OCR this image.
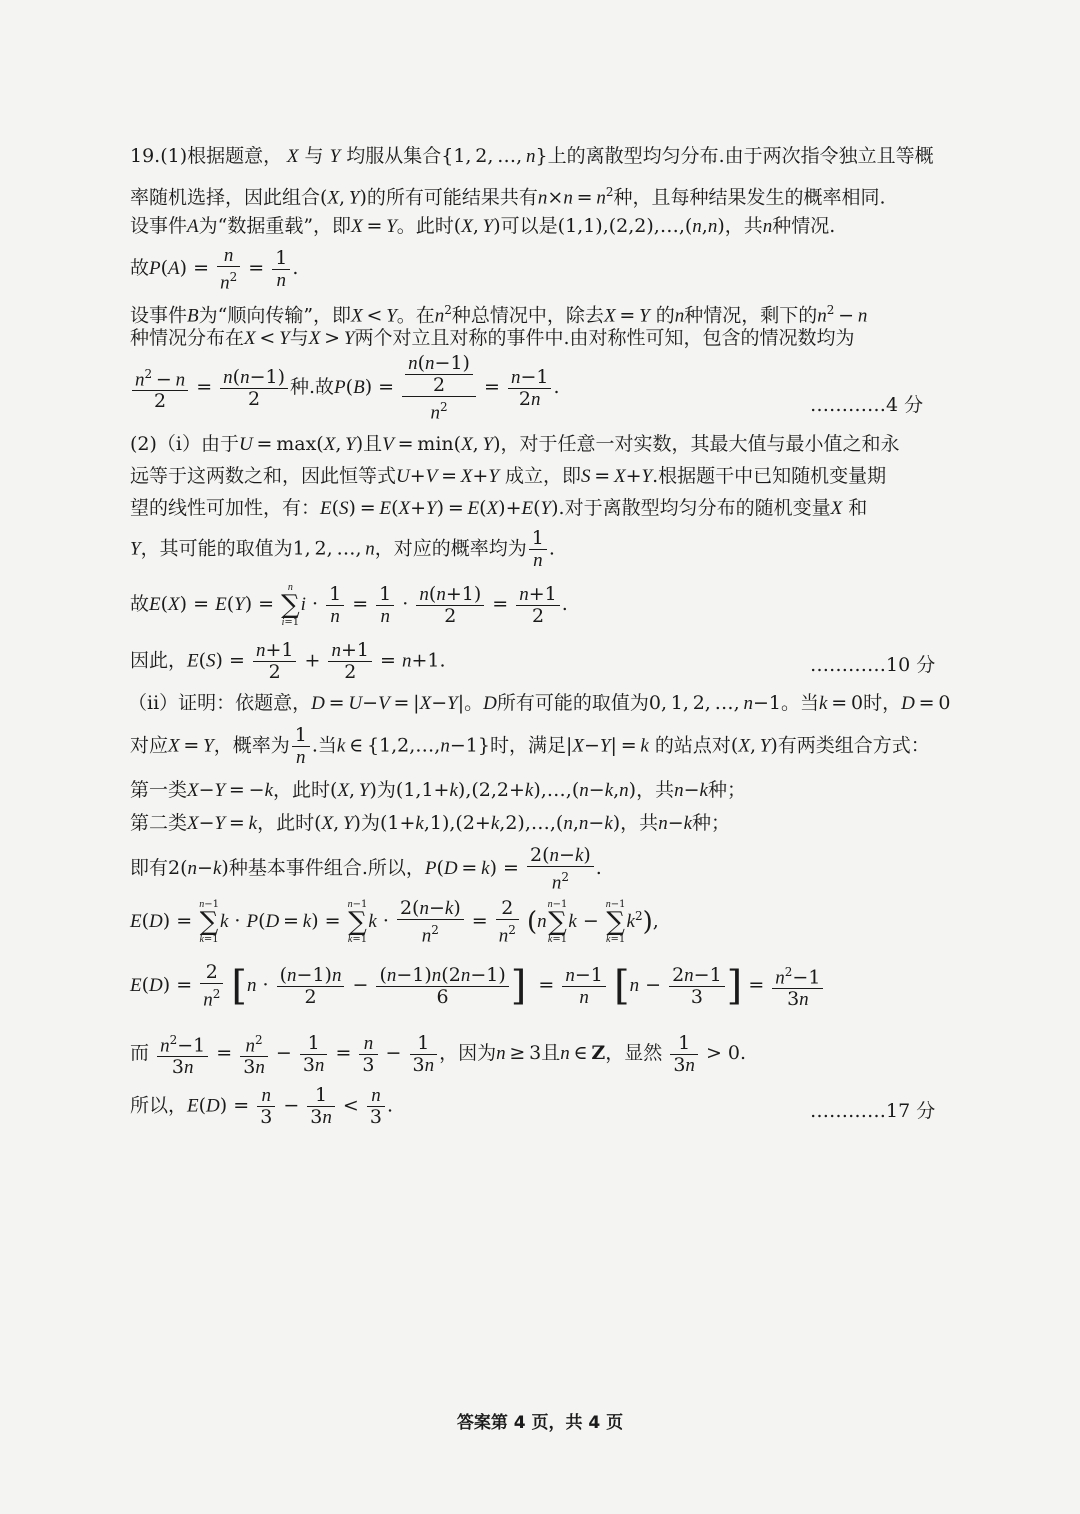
19.(1)根据题意， X 与 Y 均服从集合{1, 2, …, n}上的离散型均匀分布.由于两次指令独立且等概
率随机选择，因此组合(X, Y)的所有可能结果共有$n\times n = n^2$种，且每种结果发生的概率相同.
设事件A为“数据重载”，即X = Y。此时(X, Y)可以是(1,1),(2,2),…,(n,n)，共n种情况.
故$P(A) = \frac{n}{n^2} = \frac{1}{n}$ .
设事件B为“顺向传输”，即X < Y。在$n^2$种总情况中，除去X = Y 的n种情况，剩下的$n^2 - n$
种情况分布在X < Y与X > Y两个对立且对称的事件中.由对称性可知，包含的情况数均为
$\frac{n^2 - n}{2} = \frac{n(n-1)}{2}$ 种.故$P(B) = \frac{\frac{n(n-1)}{2}}{n^2} = \frac{n-1}{2n}$ .
…………4 分
(2)（i）由于U = max(X, Y)且V = min(X, Y)，对于任意一对实数，其最大值与最小值之和永
远等于这两数之和，因此恒等式U+V = X+Y 成立，即S = X+Y.根据题干中已知随机变量期
望的线性可加性，有：E(S) = E(X+Y) = E(X)+E(Y).对于离散型均匀分布的随机变量X 和
Y，其可能的取值为1, 2, …, n，对应的概率均为 $\frac{1}{n}$ .
故E(X) = E(Y) =
n
∑
i=1
$i \cdot \frac{1}{n} = \frac{1}{n} \cdot \frac{n(n+1)}{2} = \frac{n+1}{2}$ .
因此，$E(S) = \frac{n+1}{2} + \frac{n+1}{2} = n+1$.	…………10 分
（ii）证明：依题意，D = U−V = |X−Y|。D所有可能的取值为0, 1, 2, …, n−1。当k = 0时，D = 0
对应X = Y，概率为 $\frac{1}{n}$ .当k ∈ {1,2,…,n−1}时，满足|X−Y| = k 的站点对(X, Y)有两类组合方式：
第一类X−Y = −k，此时(X, Y)为(1,1+k),(2,2+k),…,(n−k,n)，共n−k种；
第二类X−Y = k，此时(X, Y)为(1+k,1),(2+k,2),…,(n,n−k)，共n−k种；
即有2(n−k)种基本事件组合.所以，$P(D = k) = \frac{2(n-k)}{n^2}$ .
E(D) =
n−1
∑
k=1
k · P(D = k) =
n−1
∑
k=1
$k \cdot \frac{2(n-k)}{n^2} = \frac{2}{n^2} (n$
n−1
∑
k=1
k −
n−1
∑
k=1
$k^2$),
$E(D) = \frac{2}{n^2} [n \cdot \frac{(n-1)n}{2} - \frac{(n-1)n(2n-1)}{6}$ ]  = $\frac{n-1}{n} [n - \frac{2n-1}{3}$ ] = $\frac{n^2-1}{3n}$
而 $\frac{n^2-1}{3n} = \frac{n^2}{3n} - \frac{1}{3n} = \frac{n}{3} - \frac{1}{3n}$ ，因为n ≥ 3且n ∈ Z，显然 $\frac{1}{3n} > 0$.
所以，$E(D) = \frac{n}{3} - \frac{1}{3n} < \frac{n}{3}$ .	…………17 分
答案第 4 页，共 4 页
